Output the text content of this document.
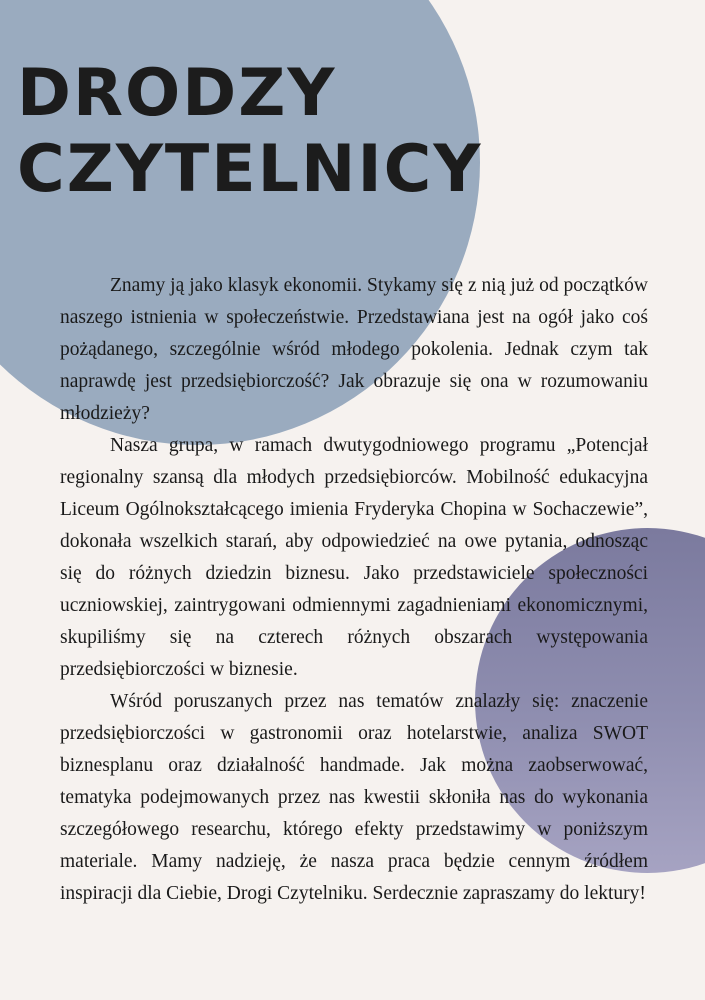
DRODZY
CZYTELNICY

Znamy ją jako klasyk ekonomii. Stykamy się z nią już od początków naszego istnienia w społeczeństwie. Przedstawiana jest na ogół jako coś pożądanego, szczególnie wśród młodego pokolenia. Jednak czym tak naprawdę jest przedsiębiorczość? Jak obrazuje się ona w rozumowaniu młodzieży?

Nasza grupa, w ramach dwutygodniowego programu „Potencjał regionalny szansą dla młodych przedsiębiorców. Mobilność edukacyjna Liceum Ogólnokształcącego imienia Fryderyka Chopina w Sochaczewie”, dokonała wszelkich starań, aby odpowiedzieć na owe pytania, odnosząc się do różnych dziedzin biznesu. Jako przedstawiciele społeczności uczniowskiej, zaintrygowani odmiennymi zagadnieniami ekonomicznymi, skupiliśmy się na czterech różnych obszarach występowania przedsiębiorczości w biznesie.

Wśród poruszanych przez nas tematów znalazły się: znaczenie przedsiębiorczości w gastronomii oraz hotelarstwie, analiza SWOT biznesplanu oraz działalność handmade. Jak można zaobserwować, tematyka podejmowanych przez nas kwestii skłoniła nas do wykonania szczegółowego researchu, którego efekty przedstawimy w poniższym materiale. Mamy nadzieję, że nasza praca będzie cennym źródłem inspiracji dla Ciebie, Drogi Czytelniku. Serdecznie zapraszamy do lektury!
